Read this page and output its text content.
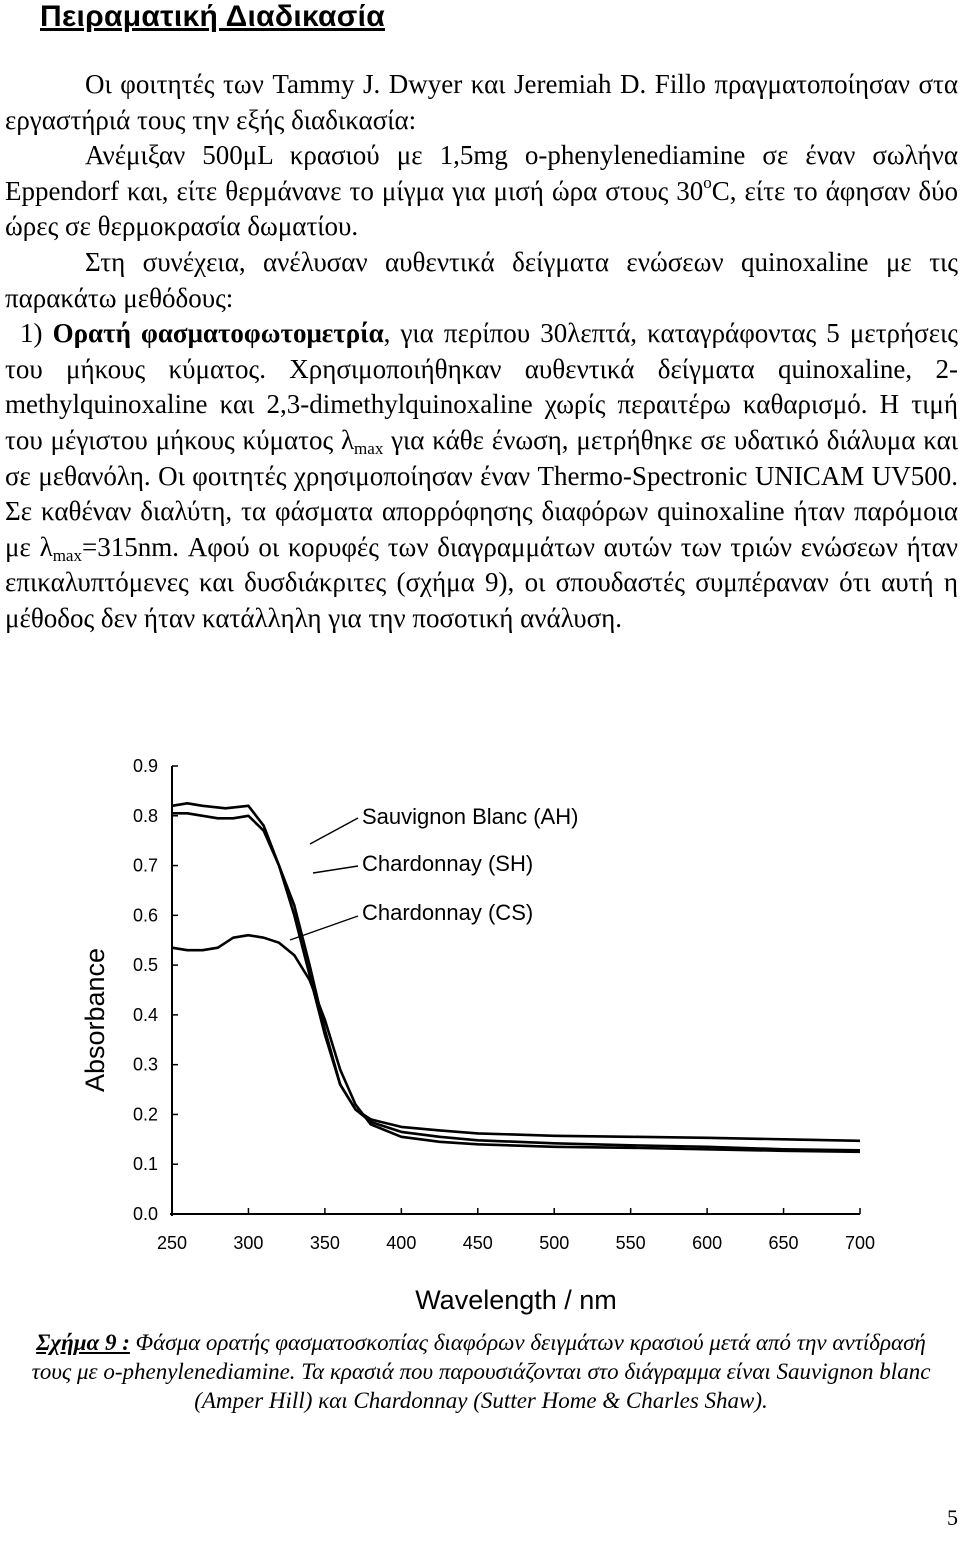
Πειραματική Διαδικασία

Οι φοιτητές των Tammy J. Dwyer και Jeremiah D. Fillo πραγματοποίησαν στα εργαστήριά τους την εξής διαδικασία:

Ανέμιξαν 500μL κρασιού με 1,5mg o-phenylenediamine σε έναν σωλήνα Eppendorf και, είτε θερμάνανε το μίγμα για μισή ώρα στους 30$^o$C, είτε το άφησαν δύο ώρες σε θερμοκρασία δωματίου.

Στη συνέχεια, ανέλυσαν αυθεντικά δείγματα ενώσεων quinoxaline με τις παρακάτω μεθόδους:

1) Ορατή φασματοφωτομετρία, για περίπου 30λεπτά, καταγράφοντας 5 μετρήσεις του μήκους κύματος. Χρησιμοποιήθηκαν αυθεντικά δείγματα quinoxaline, 2-methylquinoxaline και 2,3-dimethylquinoxaline χωρίς περαιτέρω καθαρισμό. Η τιμή του μέγιστου μήκους κύματος $\lambda_{max}$ για κάθε ένωση, μετρήθηκε σε υδατικό διάλυμα και σε μεθανόλη. Οι φοιτητές χρησιμοποίησαν έναν Thermo-Spectronic UNICAM UV500. Σε καθέναν διαλύτη, τα φάσματα απορρόφησης διαφόρων quinoxaline ήταν παρόμοια με $\lambda_{max}=315nm$. Αφού οι κορυφές των διαγραμμάτων αυτών των τριών ενώσεων ήταν επικαλυπτόμενες και δυσδιάκριτες (σχήμα 9), οι σπουδαστές συμπέραναν ότι αυτή η μέθοδος δεν ήταν κατάλληλη για την ποσοτική ανάλυση.

0.0
0.1
0.2
0.3
0.4
0.5
0.6
0.7
0.8
0.9
250	300	350	400	450	500	550	600	650	700
Wavelength / nm
Absorbance
Sauvignon Blanc (AH)
Chardonnay (SH)
Chardonnay (CS)
Σχήμα 9 : Φάσμα ορατής φασματοσκοπίας διαφόρων δειγμάτων κρασιού μετά από την αντίδρασή τους με o-phenylenediamine. Τα κρασιά που παρουσιάζονται στο διάγραμμα είναι Sauvignon blanc (Amper Hill) και Chardonnay (Sutter Home & Charles Shaw).
5
